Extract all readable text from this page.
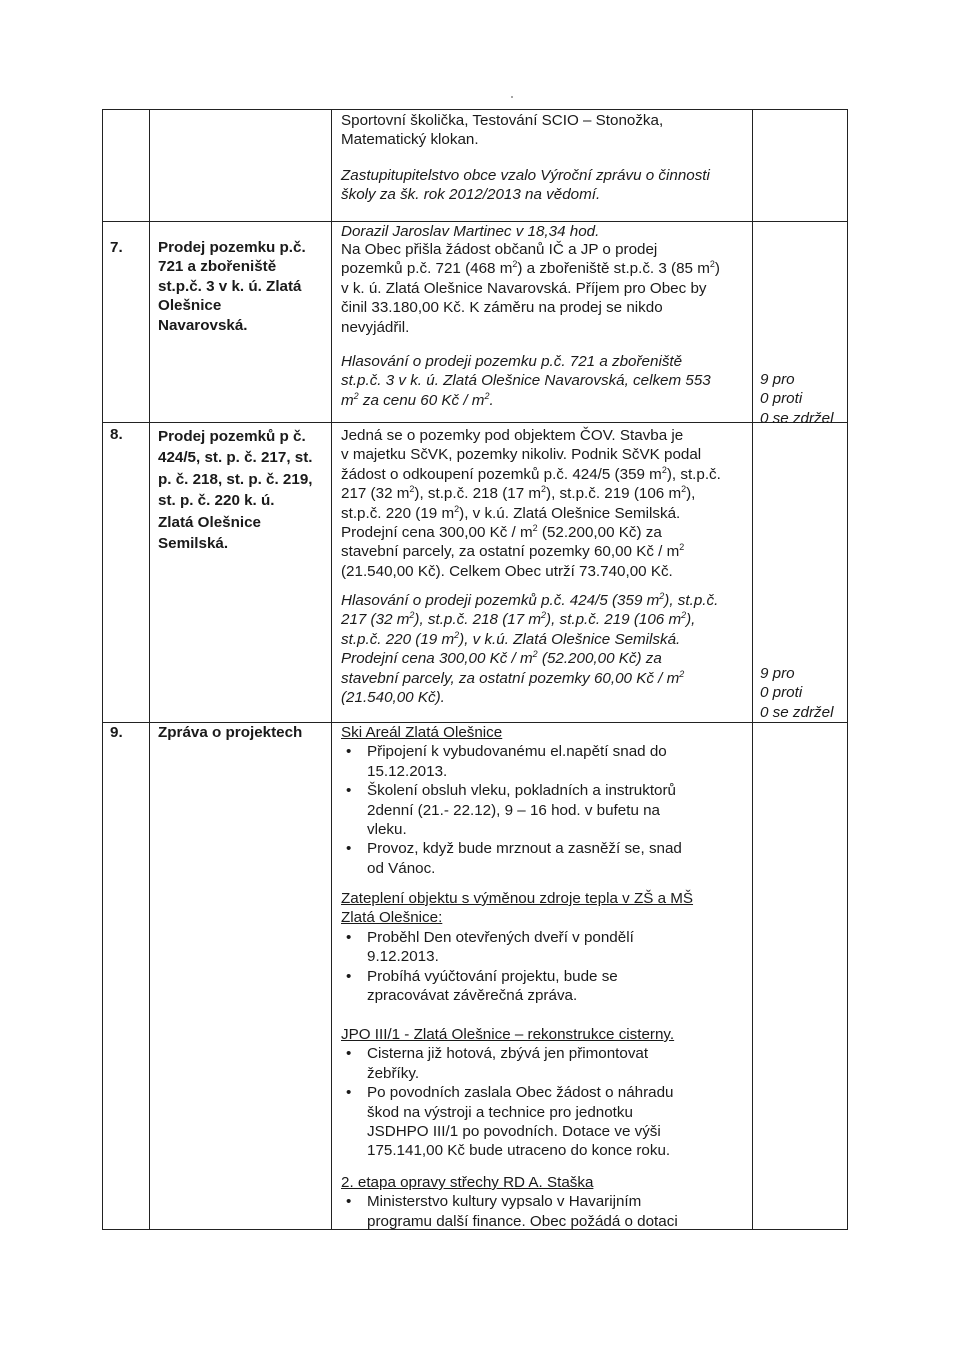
Sportovní školička, Testování SCIO – Stonožka,
Matematický klokan.
Zastupitupitelstvo obce vzalo Výroční zprávu o činnosti
školy za šk. rok 2012/2013 na vědomí.
Dorazil Jaroslav Martinec v 18,34 hod.
7. Prodej pozemku p.č.
721 a zbořeniště
st.p.č. 3 v k. ú. Zlatá
Olešnice
Navarovská.
Na Obec přišla žádost občanů IČ a JP o prodej
pozemků p.č. 721 (468 $m^2$) a zbořeniště st.p.č. 3 (85 $m^2$)
v k. ú. Zlatá Olešnice Navarovská. Příjem pro Obec by
činil 33.180,00 Kč. K záměru na prodej se nikdo
nevyjádřil.
Hlasování o prodeji pozemku p.č. 721 a zbořeniště
st.p.č. 3 v k. ú. Zlatá Olešnice Navarovská, celkem 553
$m^2$ za cenu 60 Kč / $m^2$.
9 pro
0 proti
0 se zdržel
8. Prodej pozemků p č.
424/5, st. p. č. 217, st.
p. č. 218, st. p. č. 219,
st. p. č. 220 k. ú.
Zlatá Olešnice
Semilská.
Jedná se o pozemky pod objektem ČOV. Stavba je
v majetku SčVK, pozemky nikoliv. Podnik SčVK podal
žádost o odkoupení pozemků p.č. 424/5 (359 $m^2$), st.p.č.
217 (32 $m^2$), st.p.č. 218 (17 $m^2$), st.p.č. 219 (106 $m^2$),
st.p.č. 220 (19 $m^2$), v k.ú. Zlatá Olešnice Semilská.
Prodejní cena 300,00 Kč / $m^2$ (52.200,00 Kč) za
stavební parcely, za ostatní pozemky 60,00 Kč / $m^2$
(21.540,00 Kč). Celkem Obec utrží 73.740,00 Kč.
Hlasování o prodeji pozemků p.č. 424/5 (359 $m^2$), st.p.č.
217 (32 $m^2$), st.p.č. 218 (17 $m^2$), st.p.č. 219 (106 $m^2$),
st.p.č. 220 (19 $m^2$), v k.ú. Zlatá Olešnice Semilská.
Prodejní cena 300,00 Kč / $m^2$ (52.200,00 Kč) za
stavební parcely, za ostatní pozemky 60,00 Kč / $m^2$
(21.540,00 Kč).
9 pro
0 proti
0 se zdržel
9. Zpráva o projektech	Ski Areál Zlatá Olešnice
• Připojení k vybudovanému el.napětí snad do
15.12.2013.
• Školení obsluh vleku, pokladních a instruktorů
2denní (21.- 22.12), 9 – 16 hod. v bufetu na
vleku.
• Provoz, když bude mrznout a zasněží se, snad
od Vánoc.
Zateplení objektu s výměnou zdroje tepla v ZŠ a MŠ
Zlatá Olešnice:
• Proběhl Den otevřených dveří v pondělí
9.12.2013.
• Probíhá vyúčtování projektu, bude se
zpracovávat závěrečná zpráva.
JPO III/1 - Zlatá Olešnice – rekonstrukce cisterny.
• Cisterna již hotová, zbývá jen přimontovat
žebříky.
• Po povodních zaslala Obec žádost o náhradu
škod na výstroji a technice pro jednotku
JSDHPO III/1 po povodních. Dotace ve výši
175.141,00 Kč bude utraceno do konce roku.
2. etapa opravy střechy RD A. Staška
• Ministerstvo kultury vypsalo v Havarijním
programu další finance. Obec požádá o dotaci
